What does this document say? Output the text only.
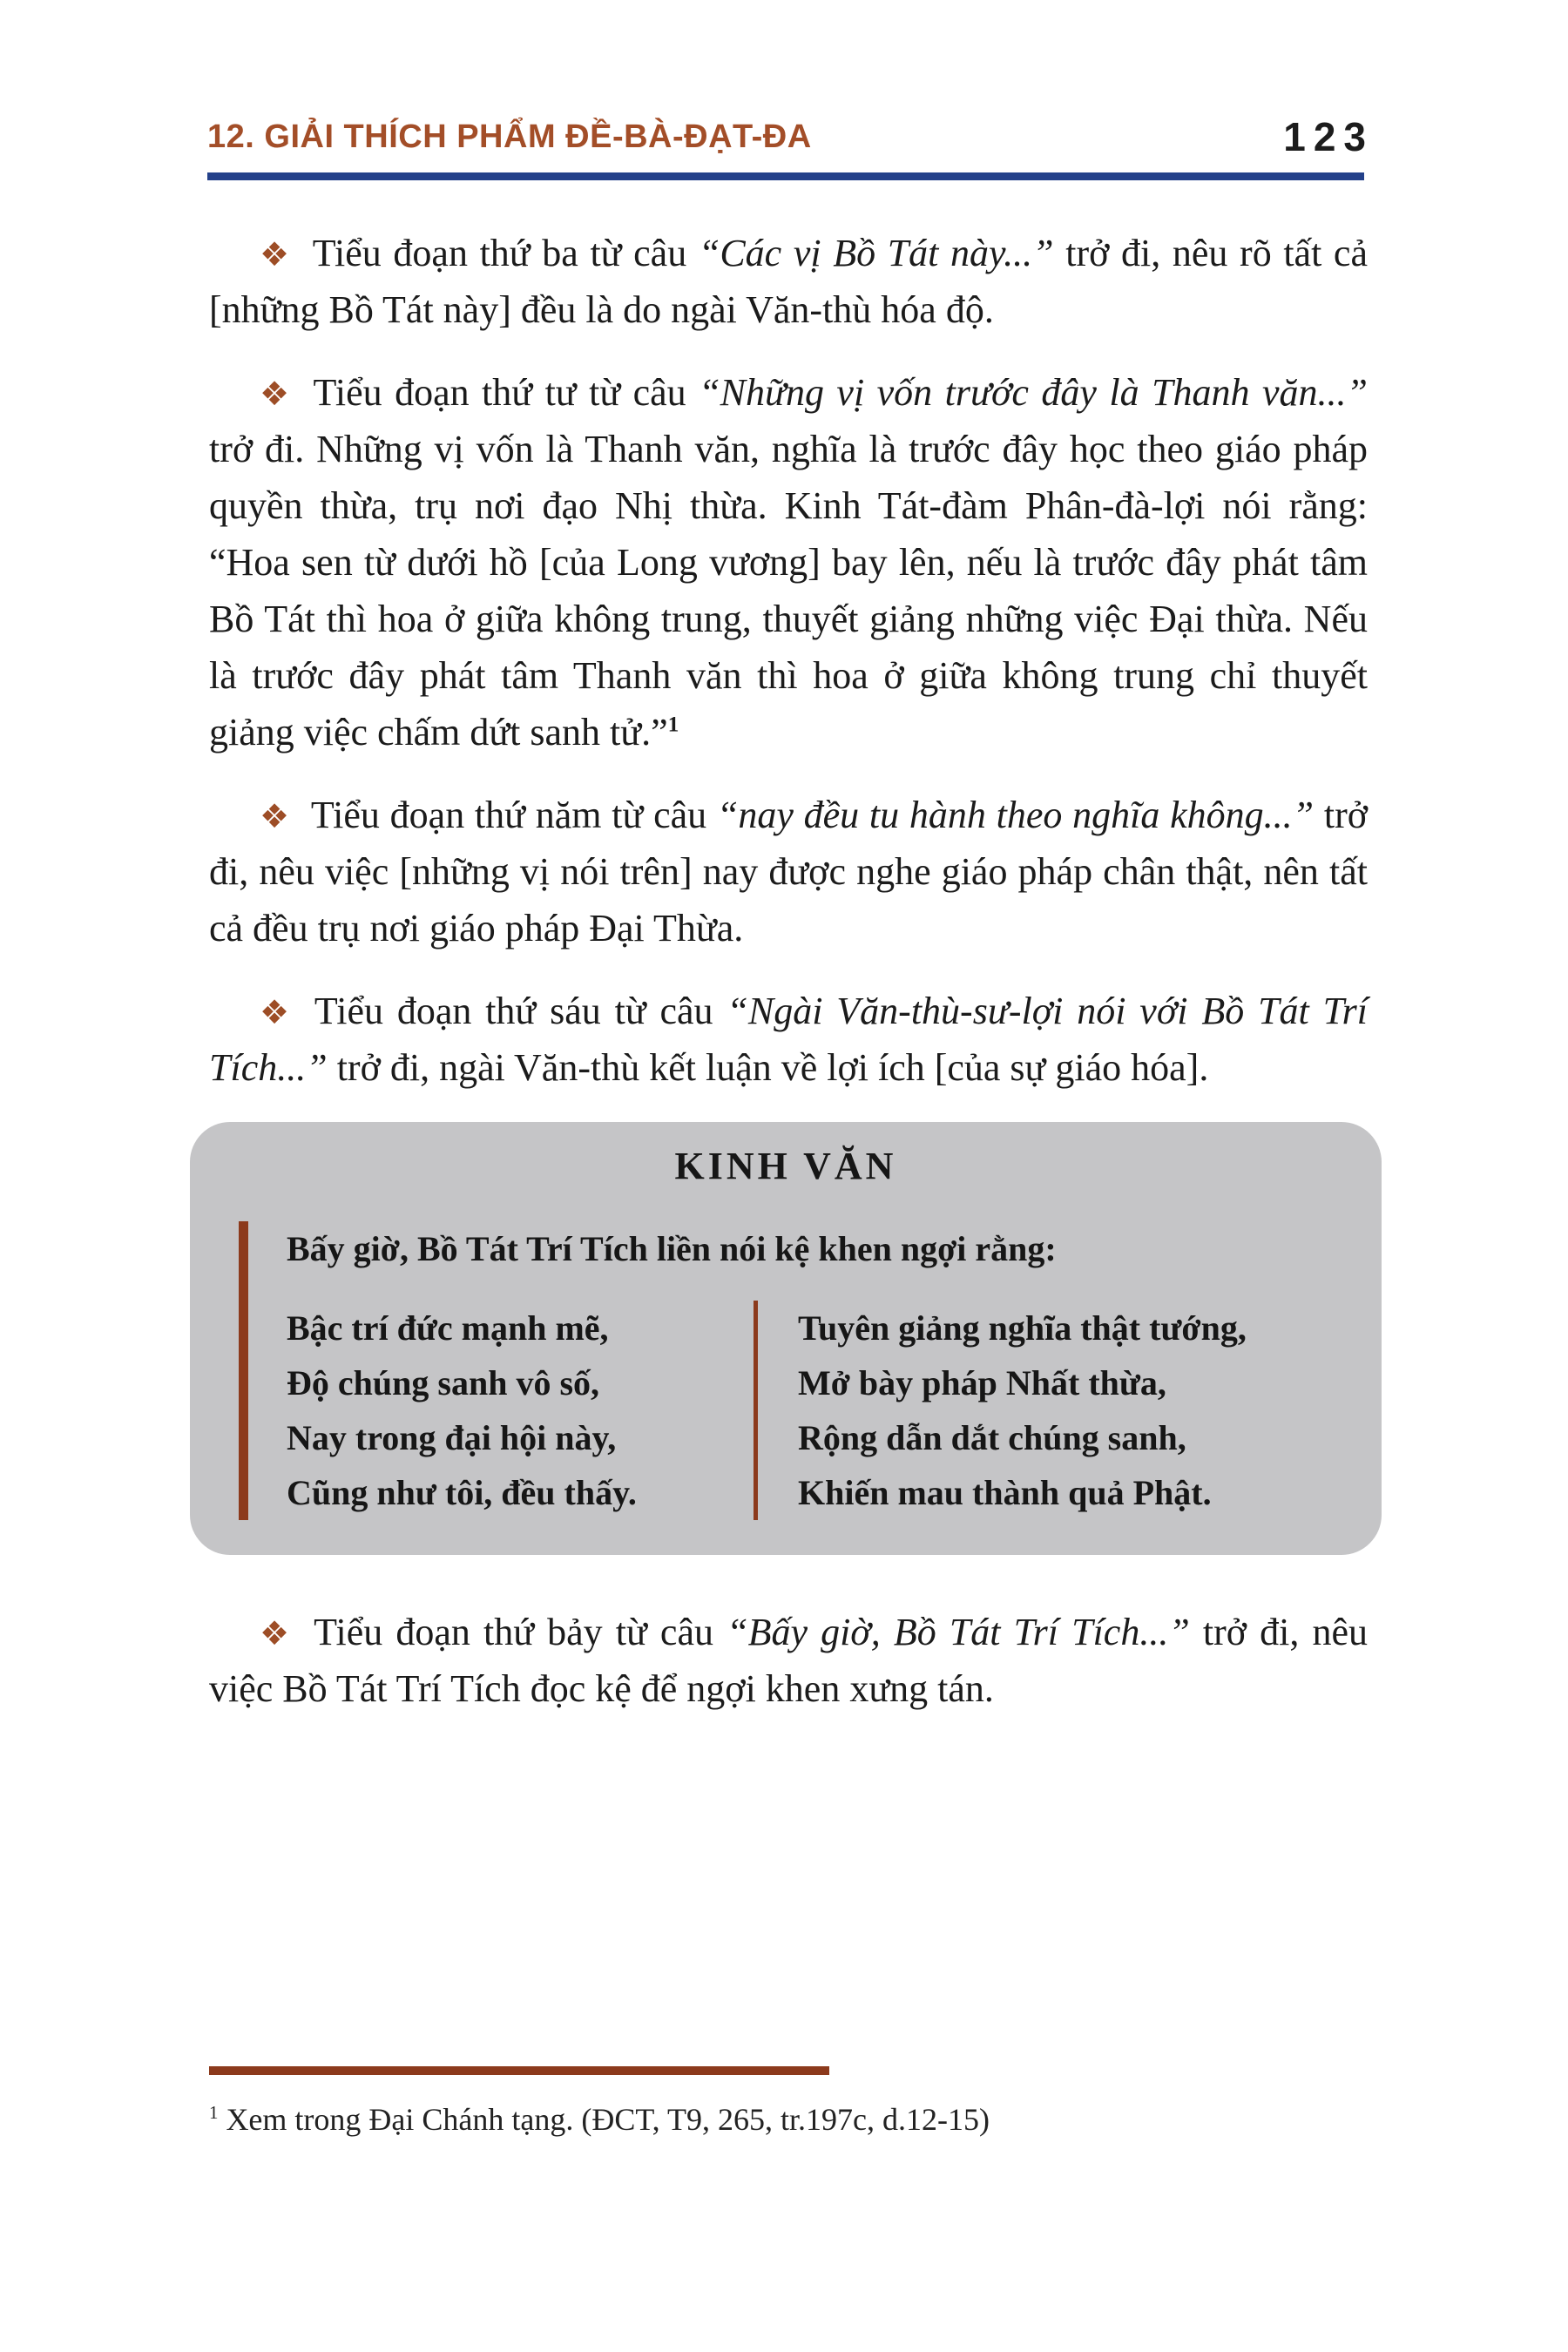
12. GIẢI THÍCH PHẨM ĐỀ-BÀ-ĐẠT-ĐA	123

❖ Tiểu đoạn thứ ba từ câu “Các vị Bồ Tát này...” trở đi, nêu rõ tất cả [những Bồ Tát này] đều là do ngài Văn-thù hóa độ.

❖ Tiểu đoạn thứ tư từ câu “Những vị vốn trước đây là Thanh văn...” trở đi. Những vị vốn là Thanh văn, nghĩa là trước đây học theo giáo pháp quyền thừa, trụ nơi đạo Nhị thừa. Kinh Tát-đàm Phân-đà-lợi nói rằng: “Hoa sen từ dưới hồ [của Long vương] bay lên, nếu là trước đây phát tâm Bồ Tát thì hoa ở giữa không trung, thuyết giảng những việc Đại thừa. Nếu là trước đây phát tâm Thanh văn thì hoa ở giữa không trung chỉ thuyết giảng việc chấm dứt sanh tử.”$^1$

❖ Tiểu đoạn thứ năm từ câu “nay đều tu hành theo nghĩa không...” trở đi, nêu việc [những vị nói trên] nay được nghe giáo pháp chân thật, nên tất cả đều trụ nơi giáo pháp Đại Thừa.

❖ Tiểu đoạn thứ sáu từ câu “Ngài Văn-thù-sư-lợi nói với Bồ Tát Trí Tích...” trở đi, ngài Văn-thù kết luận về lợi ích [của sự giáo hóa].

KINH VĂN

Bấy giờ, Bồ Tát Trí Tích liền nói kệ khen ngợi rằng:

Bậc trí đức mạnh mẽ,
Độ chúng sanh vô số,
Nay trong đại hội này,
Cũng như tôi, đều thấy.
Tuyên giảng nghĩa thật tướng,
Mở bày pháp Nhất thừa,
Rộng dẫn dắt chúng sanh,
Khiến mau thành quả Phật.

❖ Tiểu đoạn thứ bảy từ câu “Bấy giờ, Bồ Tát Trí Tích...” trở đi, nêu việc Bồ Tát Trí Tích đọc kệ để ngợi khen xưng tán.

$^1$ Xem trong Đại Chánh tạng. (ĐCT, T9, 265, tr.197c, d.12-15)
